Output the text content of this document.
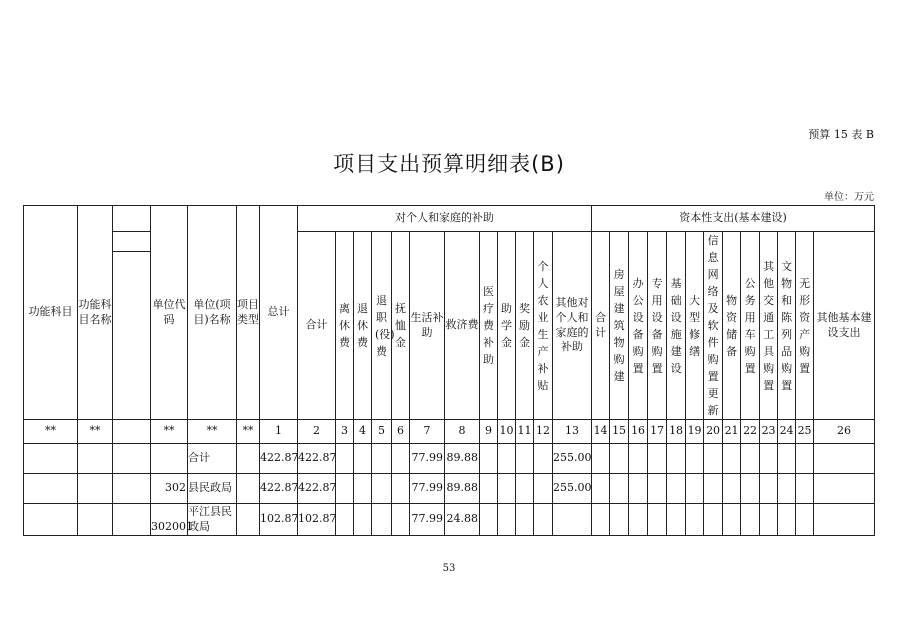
预算 15 表 B
项目支出预算明细表(B)
单位：万元
功能科目	功能科目名称		单位代码	单位(项目)名称	项目类型	总计	对个人和家庭的补助												资本性支出(基本建设)												
							合计	离休费	退休费	退职(役)费	抚恤金	生活补助	救济费	医疗费补助	助学金	奖励金	个人农业生产补贴	其他对个人和家庭的补助	合计	房屋建筑物购建	办公设备购置	专用设备购置	基础设施建设	大型修缮	信息网络及软件购置更新	物资储备	公务用车购置	其他交通工具购置	文物和陈列品购置	无形资产购置	其他基本建设支出

**	**		**	**	**	1	2	3	4	5	6	7	8	9	10	11	12	13	14	15	16	17	18	19	20	21	22	23	24	25	26
				合计		422.87	422.87					77.99	89.88					255.00													
			302	县民政局		422.87	422.87					77.99	89.88					255.00													
			302001	平江县民政局		102.87	102.87					77.99	24.88																		
53
